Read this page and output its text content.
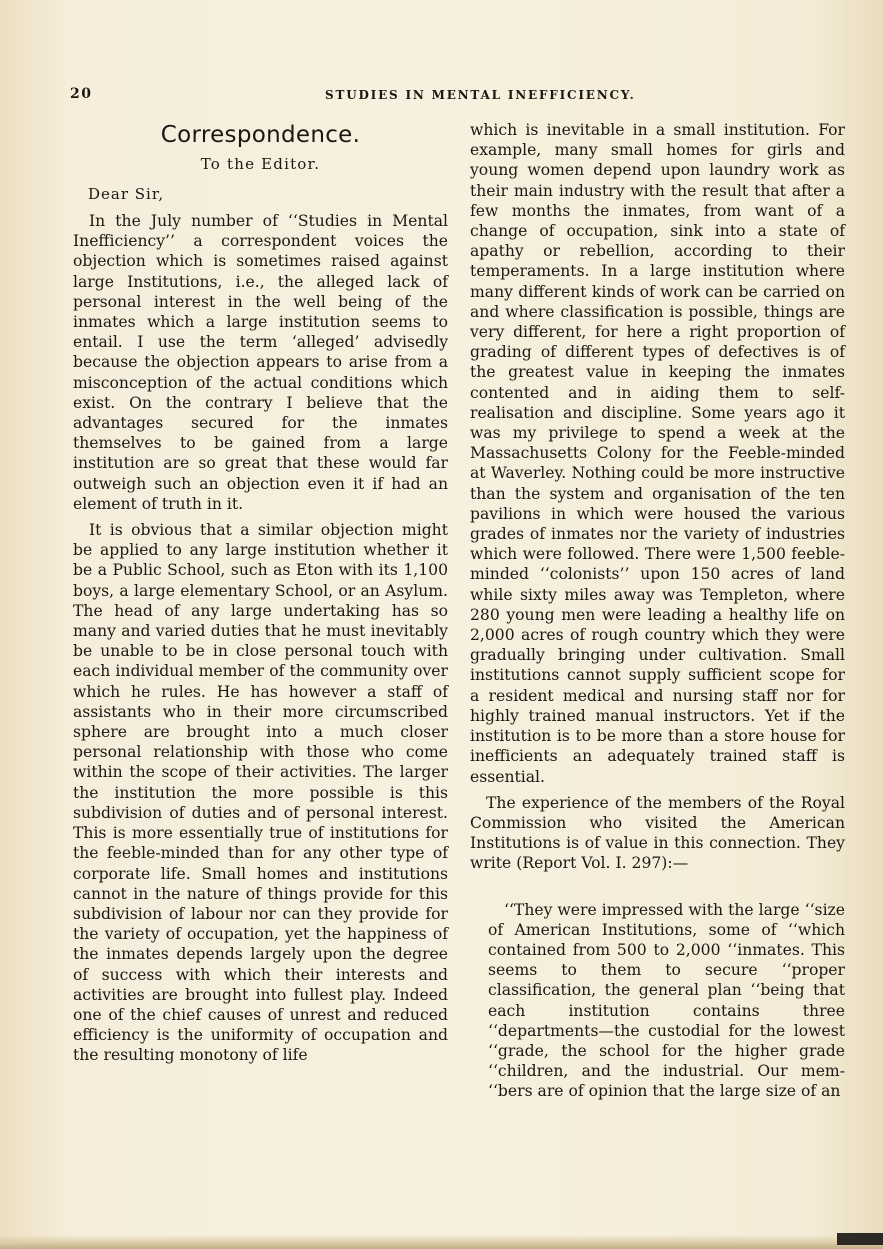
20	STUDIES IN MENTAL INEFFICIENCY.
Correspondence.
To the Editor.
Dear Sir,

In the July number of ‘‘Studies in Mental Inefficiency’’ a correspondent voices the objection which is sometimes raised against large Institutions, i.e., the alleged lack of personal interest in the well being of the inmates which a large institution seems to entail. I use the term ‘alleged’ advisedly because the objection appears to arise from a misconception of the actual conditions which exist. On the contrary I believe that the advantages secured for the inmates themselves to be gained from a large institution are so great that these would far outweigh such an objection even it if had an element of truth in it.

It is obvious that a similar objection might be applied to any large institution whether it be a Public School, such as Eton with its 1,100 boys, a large elementary School, or an Asylum. The head of any large undertaking has so many and varied duties that he must inevitably be unable to be in close personal touch with each individual member of the community over which he rules. He has however a staff of assistants who in their more circumscribed sphere are brought into a much closer personal relationship with those who come within the scope of their activities. The larger the institution the more possible is this subdivision of duties and of personal interest. This is more essentially true of institutions for the feeble-minded than for any other type of corporate life. Small homes and institutions cannot in the nature of things provide for this subdivision of labour nor can they provide for the variety of occupation, yet the happiness of the inmates depends largely upon the degree of success with which their interests and activities are brought into fullest play. Indeed one of the chief causes of unrest and reduced efficiency is the uniformity of occupation and the resulting monotony of life

which is inevitable in a small institution. For example, many small homes for girls and young women depend upon laundry work as their main industry with the result that after a few months the inmates, from want of a change of occupation, sink into a state of apathy or rebellion, according to their temperaments. In a large institution where many different kinds of work can be carried on and where classification is possible, things are very different, for here a right proportion of grading of different types of defectives is of the greatest value in keeping the inmates contented and in aiding them to self-realisation and discipline. Some years ago it was my privilege to spend a week at the Massachusetts Colony for the Feeble-minded at Waverley. Nothing could be more instructive than the system and organisation of the ten pavilions in which were housed the various grades of inmates nor the variety of industries which were followed. There were 1,500 feeble-minded ‘‘colonists’’ upon 150 acres of land while sixty miles away was Templeton, where 280 young men were leading a healthy life on 2,000 acres of rough country which they were gradually bringing under cultivation. Small institutions cannot supply sufficient scope for a resident medical and nursing staff nor for highly trained manual instructors. Yet if the institution is to be more than a store house for inefficients an adequately trained staff is essential.

The experience of the members of the Royal Commission who visited the American Institutions is of value in this connection. They write (Report Vol. I. 297):—

‘‘They were impressed with the large ‘‘size of American Institutions, some of ‘‘which contained from 500 to 2,000 ‘‘inmates. This seems to them to secure ‘‘proper classification, the general plan ‘‘being that each institution contains three ‘‘departments—the custodial for the lowest ‘‘grade, the school for the higher grade ‘‘children, and the industrial. Our mem- ‘‘bers are of opinion that the large size of an
